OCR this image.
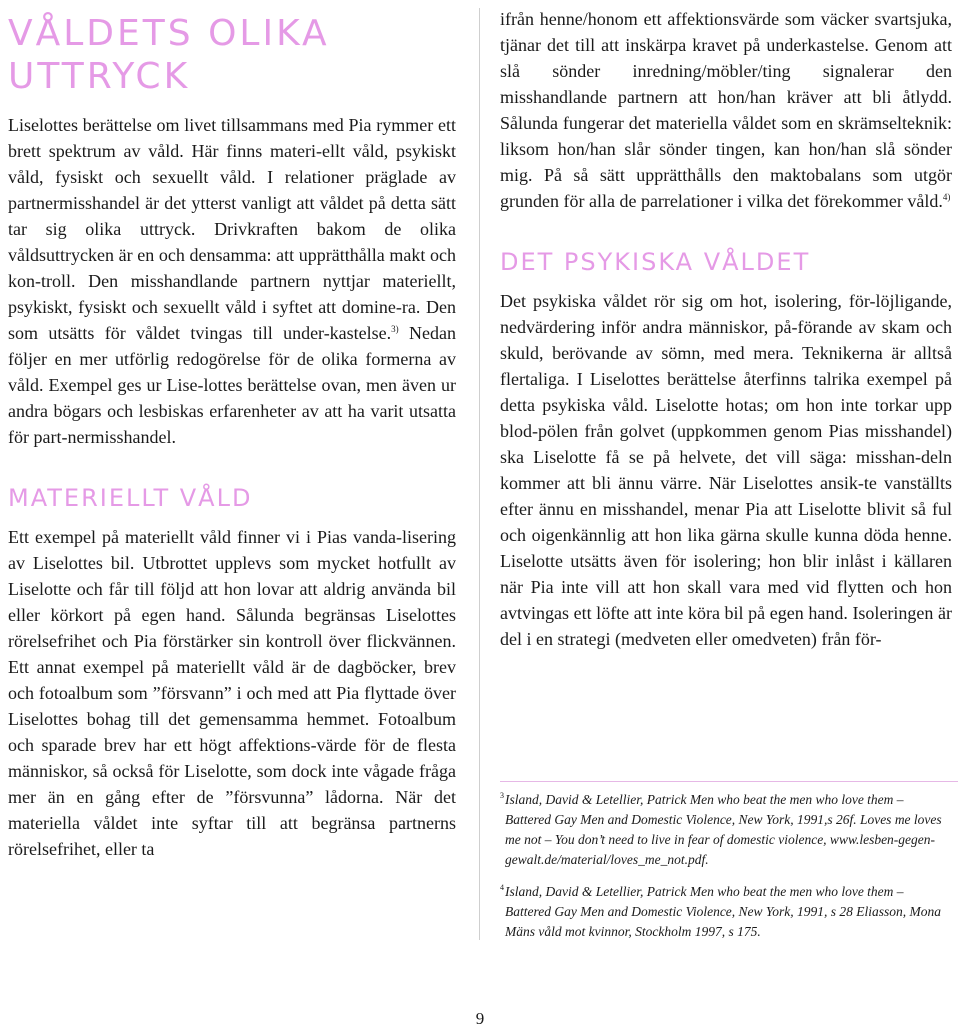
VÅLDETS OLIKA
UTTRYCK

Liselottes berättelse om livet tillsammans med Pia rymmer ett brett spektrum av våld. Här finns materi-ellt våld, psykiskt våld, fysiskt och sexuellt våld. I relationer präglade av partnermisshandel är det ytterst vanligt att våldet på detta sätt tar sig olika uttryck. Drivkraften bakom de olika våldsuttrycken är en och densamma: att upprätthålla makt och kon-troll. Den misshandlande partnern nyttjar materiellt, psykiskt, fysiskt och sexuellt våld i syftet att domine-ra. Den som utsätts för våldet tvingas till under-kastelse.$^{3)}$ Nedan följer en mer utförlig redogörelse för de olika formerna av våld. Exempel ges ur Lise-lottes berättelse ovan, men även ur andra bögars och lesbiskas erfarenheter av att ha varit utsatta för part-nermisshandel.

MATERIELLT VÅLD

Ett exempel på materiellt våld finner vi i Pias vanda-lisering av Liselottes bil. Utbrottet upplevs som mycket hotfullt av Liselotte och får till följd att hon lovar att aldrig använda bil eller körkort på egen hand. Sålunda begränsas Liselottes rörelsefrihet och Pia förstärker sin kontroll över flickvännen. Ett annat exempel på materiellt våld är de dagböcker, brev och fotoalbum som ”försvann” i och med att Pia flyttade över Liselottes bohag till det gemensamma hemmet. Fotoalbum och sparade brev har ett högt affektions-värde för de flesta människor, så också för Liselotte, som dock inte vågade fråga mer än en gång efter de ”försvunna” lådorna. När det materiella våldet inte syftar till att begränsa partnerns rörelsefrihet, eller ta

ifrån henne/honom ett affektionsvärde som väcker svartsjuka, tjänar det till att inskärpa kravet på underkastelse. Genom att slå sönder inredning/möbler/ting signalerar den misshandlande partnern att hon/han kräver att bli åtlydd. Sålunda fungerar det materiella våldet som en skrämselteknik: liksom hon/han slår sönder tingen, kan hon/han slå sönder mig. På så sätt upprätthålls den maktobalans som utgör grunden för alla de parrelationer i vilka det förekommer våld.$^{4)}$

DET PSYKISKA VÅLDET

Det psykiska våldet rör sig om hot, isolering, för-löjligande, nedvärdering inför andra människor, på-förande av skam och skuld, berövande av sömn, med mera. Teknikerna är alltså flertaliga. I Liselottes berättelse återfinns talrika exempel på detta psykiska våld. Liselotte hotas; om hon inte torkar upp blod-pölen från golvet (uppkommen genom Pias misshandel) ska Liselotte få se på helvete, det vill säga: misshan-deln kommer att bli ännu värre. När Liselottes ansik-te vanställts efter ännu en misshandel, menar Pia att Liselotte blivit så ful och oigenkännlig att hon lika gärna skulle kunna döda henne. Liselotte utsätts även för isolering; hon blir inlåst i källaren när Pia inte vill att hon skall vara med vid flytten och hon avtvingas ett löfte att inte köra bil på egen hand. Isoleringen är del i en strategi (medveten eller omedveten) från för-

3 Island, David & Letellier, Patrick Men who beat the men who love them – Battered Gay Men and Domestic Violence, New York, 1991,s 26f. Loves me loves me not – You don’t need to live in fear of domestic violence, www.lesben-gegen-gewalt.de/material/loves_me_not.pdf.

4 Island, David & Letellier, Patrick Men who beat the men who love them – Battered Gay Men and Domestic Violence, New York, 1991, s 28 Eliasson, Mona Mäns våld mot kvinnor, Stockholm 1997, s 175.

9
